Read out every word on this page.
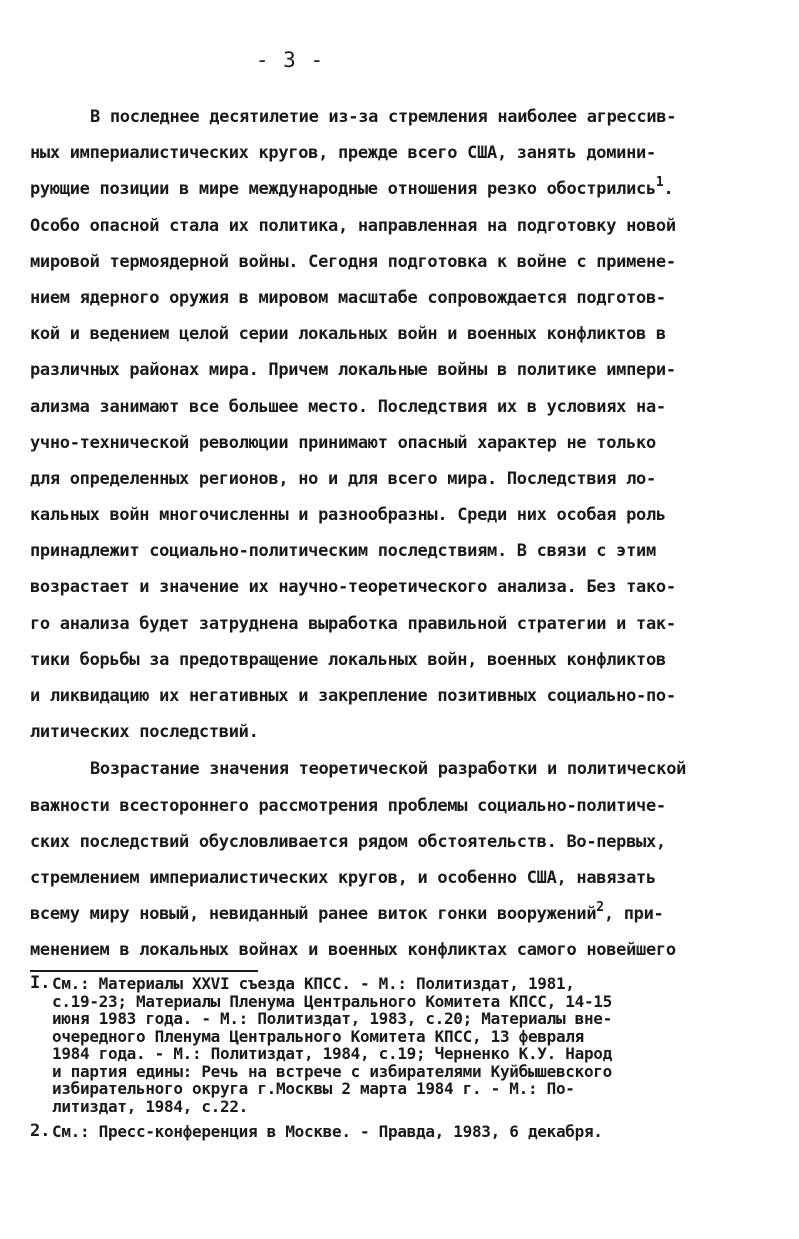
- 3 -
В последнее десятилетие из-за стремления наиболее агрессив-
ных империалистических кругов, прежде всего США, занять домини-
рующие позиции в мире международные отношения резко обострились$^1$.
Особо опасной стала их политика, направленная на подготовку новой
мировой термоядерной войны. Сегодня подготовка к войне с примене-
нием ядерного оружия в мировом масштабе сопровождается подготов-
кой и ведением целой серии локальных войн и военных конфликтов в
различных районах мира. Причем локальные войны в политике импери-
ализма занимают все большее место. Последствия их в условиях на-
учно-технической революции принимают опасный характер не только
для определенных регионов, но и для всего мира. Последствия ло-
кальных войн многочисленны и разнообразны. Среди них особая роль
принадлежит социально-политическим последствиям. В связи с этим
возрастает и значение их научно-теоретического анализа. Без тако-
го анализа будет затруднена выработка правильной стратегии и так-
тики борьбы за предотвращение локальных войн, военных конфликтов
и ликвидацию их негативных и закрепление позитивных социально-по-
литических последствий.
Возрастание значения теоретической разработки и политической
важности всестороннего рассмотрения проблемы социально-политиче-
ских последствий обусловливается рядом обстоятельств. Во-первых,
стремлением империалистических кругов, и особенно США, навязать
всему миру новый, невиданный ранее виток гонки вооружений$^2$, при-
менением в локальных войнах и военных конфликтах самого новейшего
I. См.: Материалы XXVI съезда КПСС. - М.: Политиздат, 1981,
с.19-23; Материалы Пленума Центрального Комитета КПСС, 14-15
июня 1983 года. - М.: Политиздат, 1983, с.20; Материалы вне-
очередного Пленума Центрального Комитета КПСС, 13 февраля
1984 года. - М.: Политиздат, 1984, с.19; Черненко К.У. Народ
и партия едины: Речь на встрече с избирателями Куйбышевского
избирательного округа г.Москвы 2 марта 1984 г. - М.: По-
литиздат, 1984, с.22.
2. См.: Пресс-конференция в Москве. - Правда, 1983, 6 декабря.
